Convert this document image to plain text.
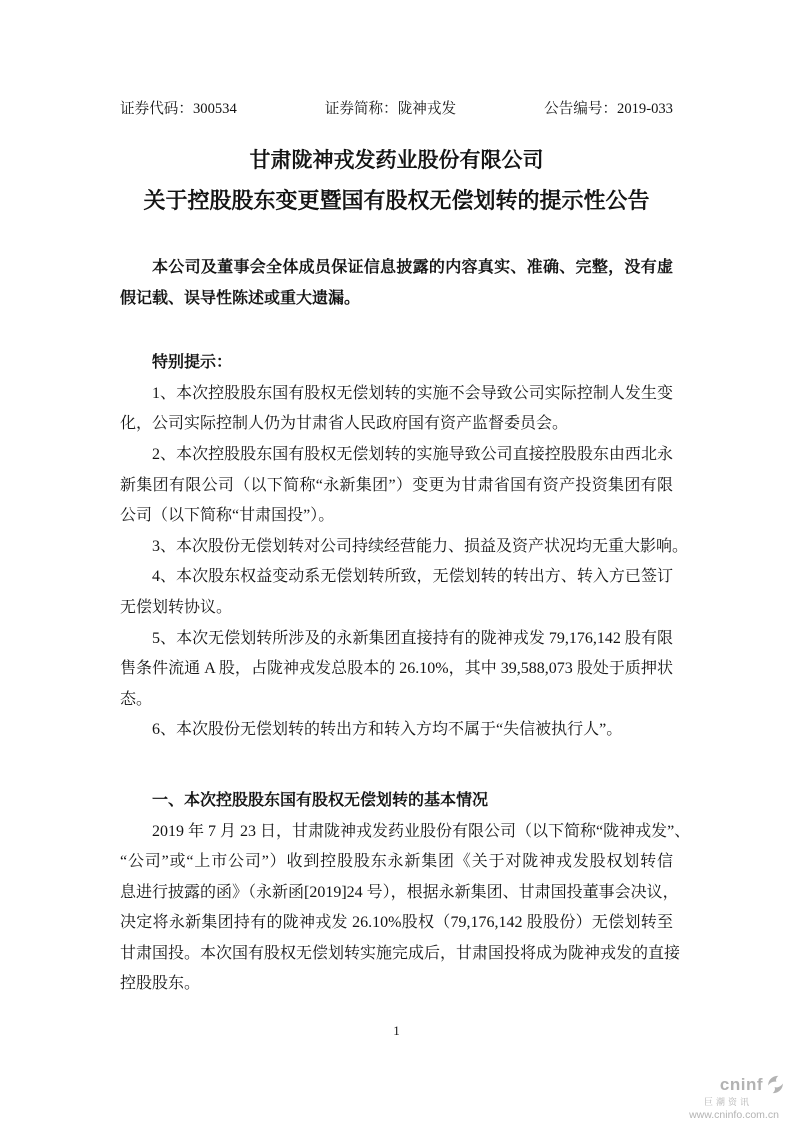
证券代码：300534	证券简称：陇神戎发	公告编号：2019-033
甘肃陇神戎发药业股份有限公司
关于控股股东变更暨国有股权无偿划转的提示性公告
本公司及董事会全体成员保证信息披露的内容真实、准确、完整，没有虚
假记载、误导性陈述或重大遗漏。
特别提示：
1、本次控股股东国有股权无偿划转的实施不会导致公司实际控制人发生变
化，公司实际控制人仍为甘肃省人民政府国有资产监督委员会。
2、本次控股股东国有股权无偿划转的实施导致公司直接控股股东由西北永
新集团有限公司（以下简称“永新集团”）变更为甘肃省国有资产投资集团有限
公司（以下简称“甘肃国投”）。
3、本次股份无偿划转对公司持续经营能力、损益及资产状况均无重大影响。
4、本次股东权益变动系无偿划转所致，无偿划转的转出方、转入方已签订
无偿划转协议。
5、本次无偿划转所涉及的永新集团直接持有的陇神戎发 79,176,142 股有限
售条件流通 A 股，占陇神戎发总股本的 26.10%，其中 39,588,073 股处于质押状
态。
6、本次股份无偿划转的转出方和转入方均不属于“失信被执行人”。
一、本次控股股东国有股权无偿划转的基本情况
2019 年 7 月 23 日，甘肃陇神戎发药业股份有限公司（以下简称“陇神戎发”、
“公司”或“上市公司”）收到控股股东永新集团《关于对陇神戎发股权划转信
息进行披露的函》（永新函[2019]24 号），根据永新集团、甘肃国投董事会决议，
决定将永新集团持有的陇神戎发 26.10%股权（79,176,142 股股份）无偿划转至
甘肃国投。本次国有股权无偿划转实施完成后，甘肃国投将成为陇神戎发的直接
控股股东。
1
cninf
巨潮资讯
www.cninfo.com.cn
